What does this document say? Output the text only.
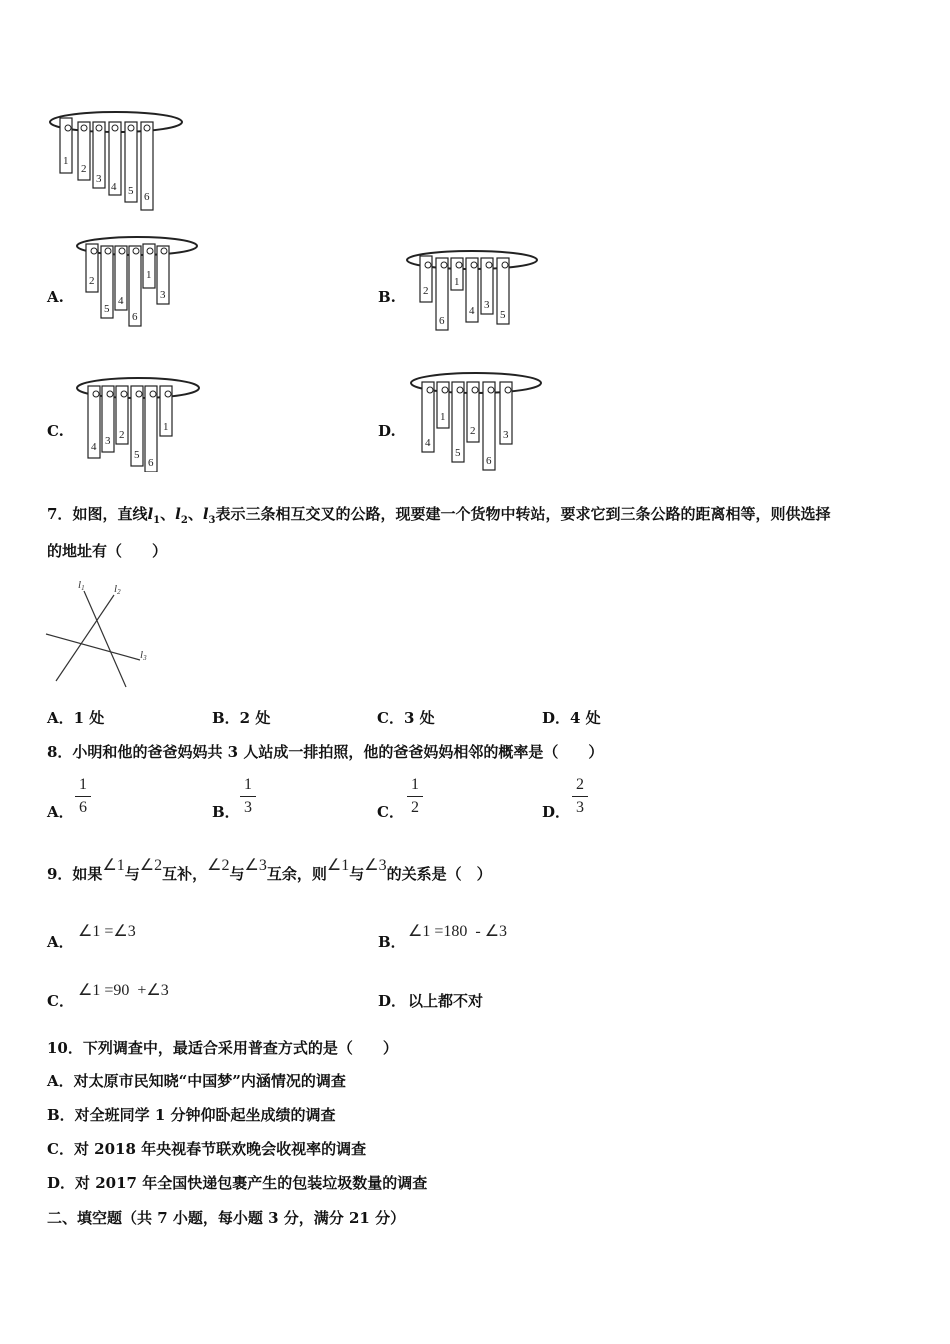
1
2
3
4 5 6
A.
2
5
4
6
1
3	B. 2
6
1
4 3
5
C.
4 3 2
5
6
1	D.
4
1
5
2
6
3
7．如图，直线$l_1$、$l_2$、$l_3$表示三条相互交叉的公路，现要建一个货物中转站，要求它到三条公路的距离相等，则供选择
的地址有（　　）
l1	l2
l3
A．1 处	B．2 处	C．3 处	D．4 处
8．小明和他的爸爸妈妈共 3 人站成一排拍照，他的爸爸妈妈相邻的概率是（　　）
A．
1
6	B．
1
3	C．
1
2	D．
2
3
9．如果∠1与∠2互补，∠2与∠3互余，则∠1与∠3的关系是（　）
A．
∠1 =∠3
B．
∠1 =180 - ∠3
C．
∠1 =90 +∠3
D． 以上都不对
10．下列调查中，最适合采用普查方式的是（　　）
A．对太原市民知晓“中国梦”内涵情况的调查
B．对全班同学 1 分钟仰卧起坐成绩的调查
C．对 2018 年央视春节联欢晚会收视率的调查
D．对 2017 年全国快递包裹产生的包装垃圾数量的调查
二、填空题（共 7 小题，每小题 3 分，满分 21 分）
